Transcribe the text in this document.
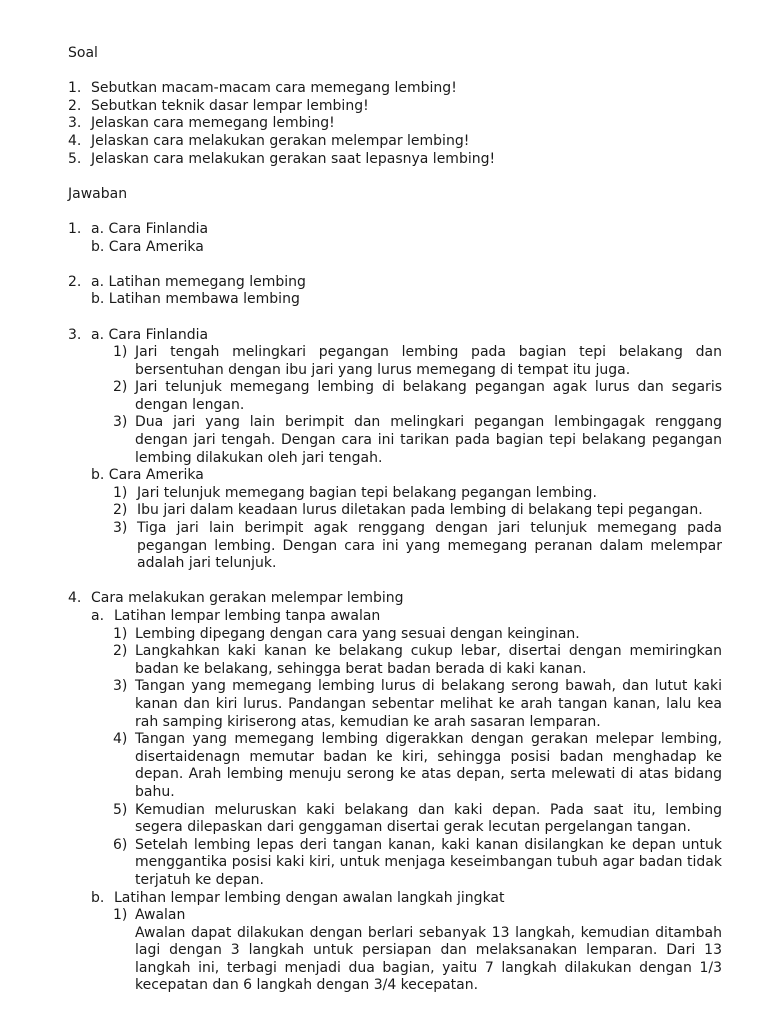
Soal

1. Sebutkan macam-macam cara memegang lembing!
2. Sebutkan teknik dasar lempar lembing!
3. Jelaskan cara memegang lembing!
4. Jelaskan cara melakukan gerakan melempar lembing!
5. Jelaskan cara melakukan gerakan saat lepasnya lembing!

Jawaban

1. a. Cara Finlandia

b. Cara Amerika

2. a. Latihan memegang lembing

b. Latihan membawa lembing

3. a. Cara Finlandia
1) Jari tengah melingkari pegangan lembing pada bagian tepi belakang dan bersentuhan dengan ibu jari yang lurus memegang di tempat itu juga.
2) Jari telunjuk memegang lembing di belakang pegangan agak lurus dan segaris dengan lengan.
3) Dua jari yang lain berimpit dan melingkari pegangan lembingagak renggang dengan jari tengah. Dengan cara ini tarikan pada bagian tepi belakang pegangan lembing dilakukan oleh jari tengah.

b. Cara Amerika

1) Jari telunjuk memegang bagian tepi belakang pegangan lembing.
2) Ibu jari dalam keadaan lurus diletakan pada lembing di belakang tepi pegangan.
3) Tiga jari lain berimpit agak renggang dengan jari telunjuk memegang pada pegangan lembing. Dengan cara ini yang memegang peranan dalam melempar adalah jari telunjuk.
4. Cara melakukan gerakan melempar lembing
a. Latihan lempar lembing tanpa awalan
1) Lembing dipegang dengan cara yang sesuai dengan keinginan.
2) Langkahkan kaki kanan ke belakang cukup lebar, disertai dengan memiringkan badan ke belakang, sehingga berat badan berada di kaki kanan.
3) Tangan yang memegang lembing lurus di belakang serong bawah, dan lutut kaki kanan dan kiri lurus. Pandangan sebentar melihat ke arah tangan kanan, lalu kea rah samping kiriserong atas, kemudian ke arah sasaran lemparan.
4) Tangan yang memegang lembing digerakkan dengan gerakan melepar lembing, disertaidenagn memutar badan ke kiri, sehingga posisi badan menghadap ke depan. Arah lembing menuju serong ke atas depan, serta melewati di atas bidang bahu.
5) Kemudian meluruskan kaki belakang dan kaki depan. Pada saat itu, lembing segera dilepaskan dari genggaman disertai gerak lecutan pergelangan tangan.
6) Setelah lembing lepas deri tangan kanan, kaki kanan disilangkan ke depan untuk menggantika posisi kaki kiri, untuk menjaga keseimbangan tubuh agar badan tidak terjatuh ke depan.
b. Latihan lempar lembing dengan awalan langkah jingkat
1) Awalan
Awalan dapat dilakukan dengan berlari sebanyak 13 langkah, kemudian ditambah lagi dengan 3 langkah untuk persiapan dan melaksanakan lemparan. Dari 13 langkah ini, terbagi menjadi dua bagian, yaitu 7 langkah dilakukan dengan 1/3 kecepatan dan 6 langkah dengan 3/4 kecepatan.
